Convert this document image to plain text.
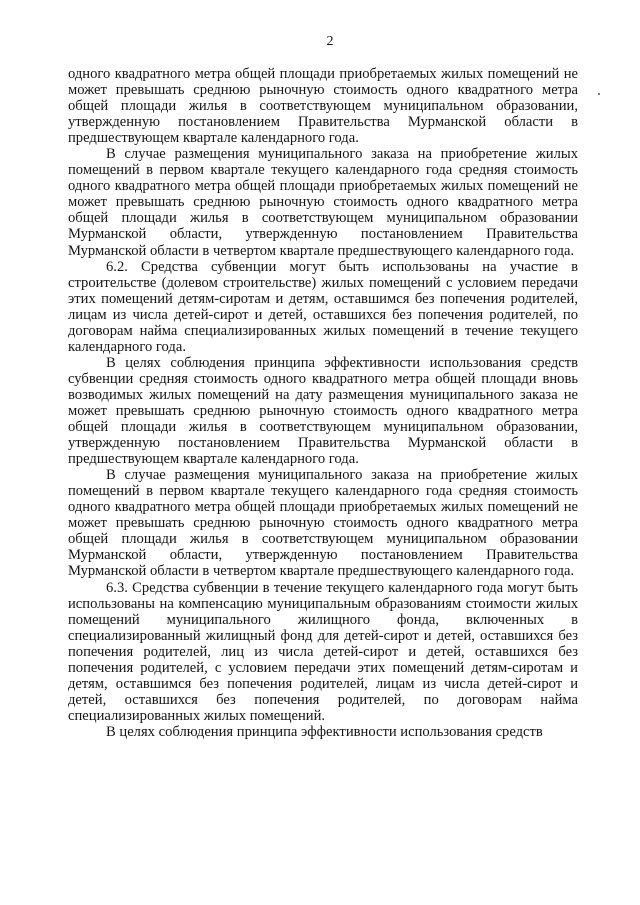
2

одного квадратного метра общей площади приобретаемых жилых помещений не может превышать среднюю рыночную стоимость одного квадратного метра общей площади жилья в соответствующем муниципальном образовании, утвержденную постановлением Правительства Мурманской области в предшествующем квартале календарного года.

В случае размещения муниципального заказа на приобретение жилых помещений в первом квартале текущего календарного года средняя стоимость одного квадратного метра общей площади приобретаемых жилых помещений не может превышать среднюю рыночную стоимость одного квадратного метра общей площади жилья в соответствующем муниципальном образовании Мурманской области, утвержденную постановлением Правительства Мурманской области в четвертом квартале предшествующего календарного года.

6.2. Средства субвенции могут быть использованы на участие в строительстве (долевом строительстве) жилых помещений с условием передачи этих помещений детям-сиротам и детям, оставшимся без попечения родителей, лицам из числа детей-сирот и детей, оставшихся без попечения родителей, по договорам найма специализированных жилых помещений в течение текущего календарного года.

В целях соблюдения принципа эффективности использования средств субвенции средняя стоимость одного квадратного метра общей площади вновь возводимых жилых помещений на дату размещения муниципального заказа не может превышать среднюю рыночную стоимость одного квадратного метра общей площади жилья в соответствующем муниципальном образовании, утвержденную постановлением Правительства Мурманской области в предшествующем квартале календарного года.

В случае размещения муниципального заказа на приобретение жилых помещений в первом квартале текущего календарного года средняя стоимость одного квадратного метра общей площади приобретаемых жилых помещений не может превышать среднюю рыночную стоимость одного квадратного метра общей площади жилья в соответствующем муниципальном образовании Мурманской области, утвержденную постановлением Правительства Мурманской области в четвертом квартале предшествующего календарного года.

6.3. Средства субвенции в течение текущего календарного года могут быть использованы на компенсацию муниципальным образованиям стоимости жилых помещений муниципального жилищного фонда, включенных в специализированный жилищный фонд для детей-сирот и детей, оставшихся без попечения родителей, лиц из числа детей-сирот и детей, оставшихся без попечения родителей, с условием передачи этих помещений детям-сиротам и детям, оставшимся без попечения родителей, лицам из числа детей-сирот и детей, оставшихся без попечения родителей, по договорам найма специализированных жилых помещений.

В целях соблюдения принципа эффективности использования средств
